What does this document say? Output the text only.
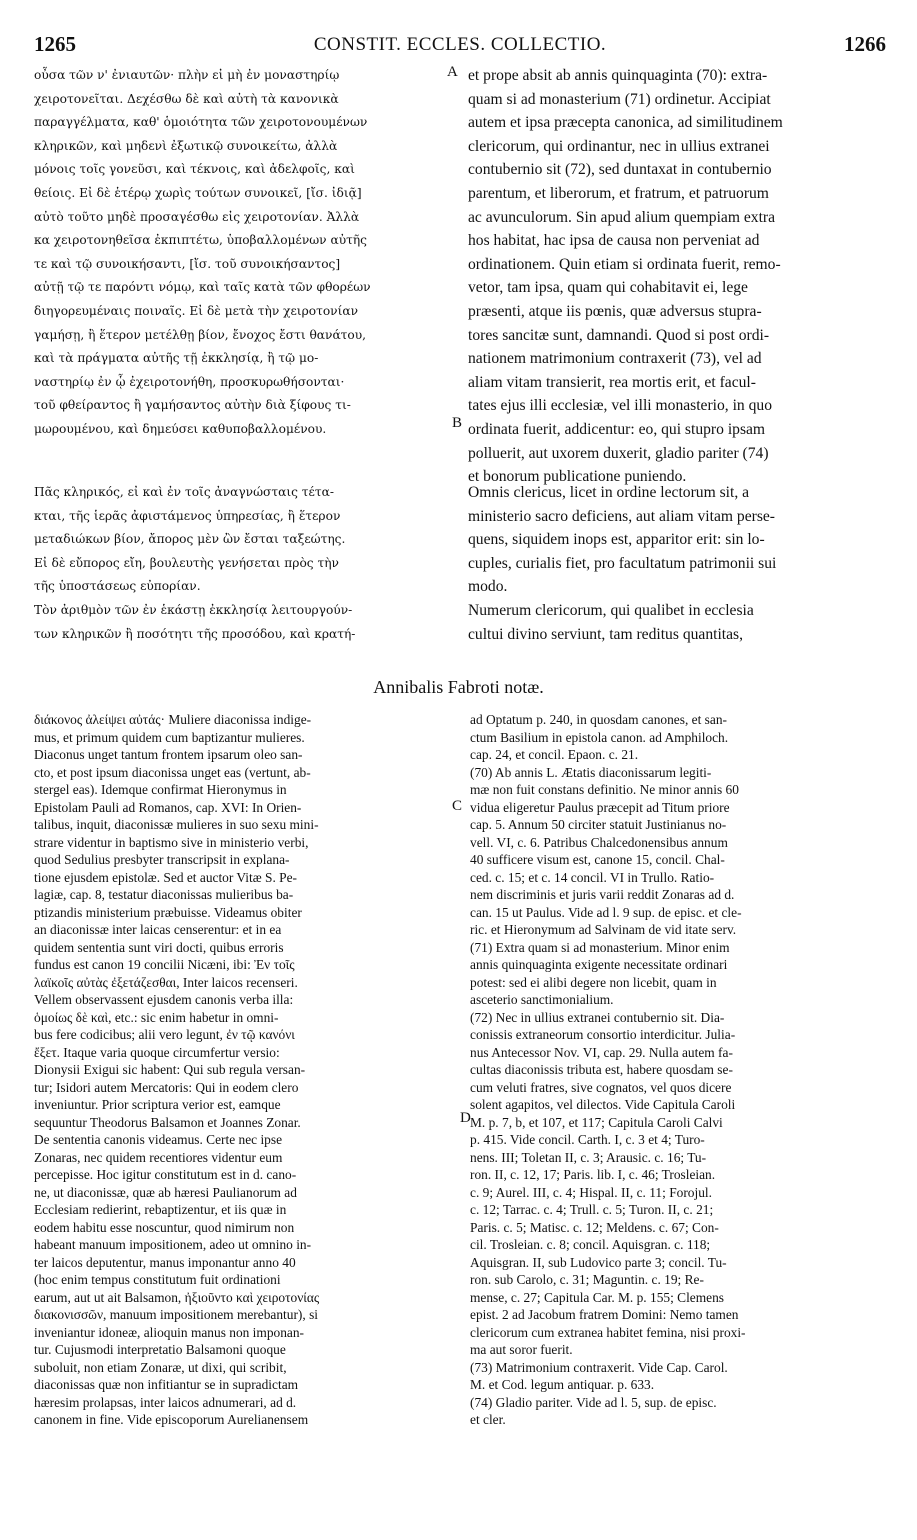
1265	CONSTIT. ECCLES. COLLECTIO.	1266
οὖσα τῶν ν' ἐνιαυτῶν· πλὴν εἰ μὴ ἐν μοναστηρίῳ
χειροτονεῖται. Δεχέσθω δὲ καὶ αὐτὴ τὰ κανονικὰ
παραγγέλματα, καθ' ὁμοιότητα τῶν χειροτονουμένων
κληρικῶν, καὶ μηδενὶ ἐξωτικῷ συνοικείτω, ἀλλὰ
μόνοις τοῖς γονεῦσι, καὶ τέκνοις, καὶ ἀδελφοῖς, καὶ
θείοις. Εἰ δὲ ἑτέρῳ χωρὶς τούτων συνοικεῖ, [ἴσ. ἰδιᾷ]
αὐτὸ τοῦτο μηδὲ προσαγέσθω εἰς χειροτονίαν. Ἀλλὰ
κα χειροτονηθεῖσα ἐκπιπτέτω, ὑποβαλλομένων αὐτῆς
τε καὶ τῷ συνοικήσαντι, [ἴσ. τοῦ συνοικήσαντος]
αὐτῇ τῷ τε παρόντι νόμῳ, καὶ ταῖς κατὰ τῶν φθορέων
διηγορευμέναις ποιναῖς. Εἰ δὲ μετὰ τὴν χειροτονίαν
γαμήσῃ, ἢ ἕτερον μετέλθῃ βίον, ἔνοχος ἔστι θανάτου,
καὶ τὰ πράγματα αὐτῆς τῇ ἐκκλησίᾳ, ἢ τῷ μο-
ναστηρίῳ ἐν ᾧ ἐχειροτονήθη, προσκυρωθήσονται·
τοῦ φθείραντος ἢ γαμήσαντος αὐτὴν διὰ ξίφους τι-
μωρουμένου, καὶ δημεύσει καθυποβαλλομένου.
et prope absit ab annis quinquaginta (70): extra-
quam si ad monasterium (71) ordinetur. Accipiat
autem et ipsa præcepta canonica, ad similitudinem
clericorum, qui ordinantur, nec in ullius extranei
contubernio sit (72), sed duntaxat in contubernio
parentum, et liberorum, et fratrum, et patruorum
ac avunculorum. Sin apud alium quempiam extra
hos habitat, hac ipsa de causa non perveniat ad
ordinationem. Quin etiam si ordinata fuerit, remo-
vetor, tam ipsa, quam qui cohabitavit ei, lege
præsenti, atque iis pœnis, quæ adversus stupra-
tores sancitæ sunt, damnandi. Quod si post ordi-
nationem matrimonium contraxerit (73), vel ad
aliam vitam transierit, rea mortis erit, et facul-
tates ejus illi ecclesiæ, vel illi monasterio, in quo
ordinata fuerit, addicentur: eo, qui stupro ipsam
polluerit, aut uxorem duxerit, gladio pariter (74)
et bonorum publicatione puniendo.
A
B
Πᾶς κληρικός, εἰ καὶ ἐν τοῖς ἀναγνώσταις τέτα-
κται, τῆς ἱερᾶς ἀφιστάμενος ὑπηρεσίας, ἢ ἕτερον
μεταδιώκων βίον, ἄπορος μὲν ὢν ἔσται ταξεώτης.
Εἰ δὲ εὔπορος εἴη, βουλευτὴς γενήσεται πρὸς τὴν
τῆς ὑποστάσεως εὐπορίαν.
Τὸν ἀριθμὸν τῶν ἐν ἑκάστῃ ἐκκλησίᾳ λειτουργούν-
των κληρικῶν ἢ ποσότητι τῆς προσόδου, καὶ κρατή-
Omnis clericus, licet in ordine lectorum sit, a
ministerio sacro deficiens, aut aliam vitam perse-
quens, siquidem inops est, apparitor erit: sin lo-
cuples, curialis fiet, pro facultatum patrimonii sui
modo.
Numerum clericorum, qui qualibet in ecclesia
cultui divino serviunt, tam reditus quantitas,
Annibalis Fabroti notæ.
διάκονος ἀλείψει αὐτάς· Muliere diaconissa indige-
mus, et primum quidem cum baptizantur mulieres.
Diaconus unget tantum frontem ipsarum oleo san-
cto, et post ipsum diaconissa unget eas (vertunt, ab-
stergel eas). Idemque confirmat Hieronymus in
Epistolam Pauli ad Romanos, cap. XVI: In Orien-
talibus, inquit, diaconissæ mulieres in suo sexu mini-
strare videntur in baptismo sive in ministerio verbi,
quod Sedulius presbyter transcripsit in explana-
tione ejusdem epistolæ. Sed et auctor Vitæ S. Pe-
lagiæ, cap. 8, testatur diaconissas mulieribus ba-
ptizandis ministerium præbuisse. Videamus obiter
an diaconissæ inter laicas censerentur: et in ea
quidem sententia sunt viri docti, quibus erroris
fundus est canon 19 concilii Nicæni, ibi: Ἐν τοῖς
λαϊκοῖς αὐτὰς ἐξετάζεσθαι, Inter laicos recenseri.
Vellem observassent ejusdem canonis verba illa:
ὁμοίως δὲ καὶ, etc.: sic enim habetur in omni-
bus fere codicibus; alii vero legunt, ἐν τῷ κανόνι
ἔξετ. Itaque varia quoque circumfertur versio:
Dionysii Exigui sic habent: Qui sub regula versan-
tur; Isidori autem Mercatoris: Qui in eodem clero
inveniuntur. Prior scriptura verior est, eamque
sequuntur Theodorus Balsamon et Joannes Zonar.
De sententia canonis videamus. Certe nec ipse
Zonaras, nec quidem recentiores videntur eum
percepisse. Hoc igitur constitutum est in d. cano-
ne, ut diaconissæ, quæ ab hæresi Paulianorum ad
Ecclesiam redierint, rebaptizentur, et iis quæ in
eodem habitu esse noscuntur, quod nimirum non
habeant manuum impositionem, adeo ut omnino in-
ter laicos deputentur, manus imponantur anno 40
(hoc enim tempus constitutum fuit ordinationi
earum, aut ut ait Balsamon, ἠξιοῦντο καὶ χειροτονίας
διακονισσῶν, manuum impositionem merebantur), si
inveniantur idoneæ, alioquin manus non imponan-
tur. Cujusmodi interpretatio Balsamoni quoque
suboluit, non etiam Zonaræ, ut dixi, qui scribit,
diaconissas quæ non infitiantur se in supradictam
hæresim prolapsas, inter laicos adnumerari, ad d.
canonem in fine. Vide episcoporum Aurelianensem
ad Optatum p. 240, in quosdam canones, et san-
ctum Basilium in epistola canon. ad Amphiloch.
cap. 24, et concil. Epaon. c. 21.
(70) Ab annis L. Ætatis diaconissarum legiti-
mæ non fuit constans definitio. Ne minor annis 60
vidua eligeretur Paulus præcepit ad Titum priore
cap. 5. Annum 50 circiter statuit Justinianus no-
vell. VI, c. 6. Patribus Chalcedonensibus annum
40 sufficere visum est, canone 15, concil. Chal-
ced. c. 15; et c. 14 concil. VI in Trullo. Ratio-
nem discriminis et juris varii reddit Zonaras ad d.
can. 15 ut Paulus. Vide ad l. 9 sup. de episc. et cle-
ric. et Hieronymum ad Salvinam de vid itate serv.
(71) Extra quam si ad monasterium. Minor enim
annis quinquaginta exigente necessitate ordinari
potest: sed ei alibi degere non licebit, quam in
asceterio sanctimonialium.
(72) Nec in ullius extranei contubernio sit. Dia-
conissis extraneorum consortio interdicitur. Julia-
nus Antecessor Nov. VI, cap. 29. Nulla autem fa-
cultas diaconissis tributa est, habere quosdam se-
cum veluti fratres, sive cognatos, vel quos dicere
solent agapitos, vel dilectos. Vide Capitula Caroli
M. p. 7, b, et 107, et 117; Capitula Caroli Calvi
p. 415. Vide concil. Carth. I, c. 3 et 4; Turo-
nens. III; Toletan II, c. 3; Arausic. c. 16; Tu-
ron. II, c. 12, 17; Paris. lib. I, c. 46; Trosleian.
c. 9; Aurel. III, c. 4; Hispal. II, c. 11; Forojul.
c. 12; Tarrac. c. 4; Trull. c. 5; Turon. II, c. 21;
Paris. c. 5; Matisc. c. 12; Meldens. c. 67; Con-
cil. Trosleian. c. 8; concil. Aquisgran. c. 118;
Aquisgran. II, sub Ludovico parte 3; concil. Tu-
ron. sub Carolo, c. 31; Maguntin. c. 19; Re-
mense, c. 27; Capitula Car. M. p. 155; Clemens
epist. 2 ad Jacobum fratrem Domini: Nemo tamen
clericorum cum extranea habitet femina, nisi proxi-
ma aut soror fuerit.
(73) Matrimonium contraxerit. Vide Cap. Carol.
M. et Cod. legum antiquar. p. 633.
(74) Gladio pariter. Vide ad l. 5, sup. de episc.
et cler.
C
D
